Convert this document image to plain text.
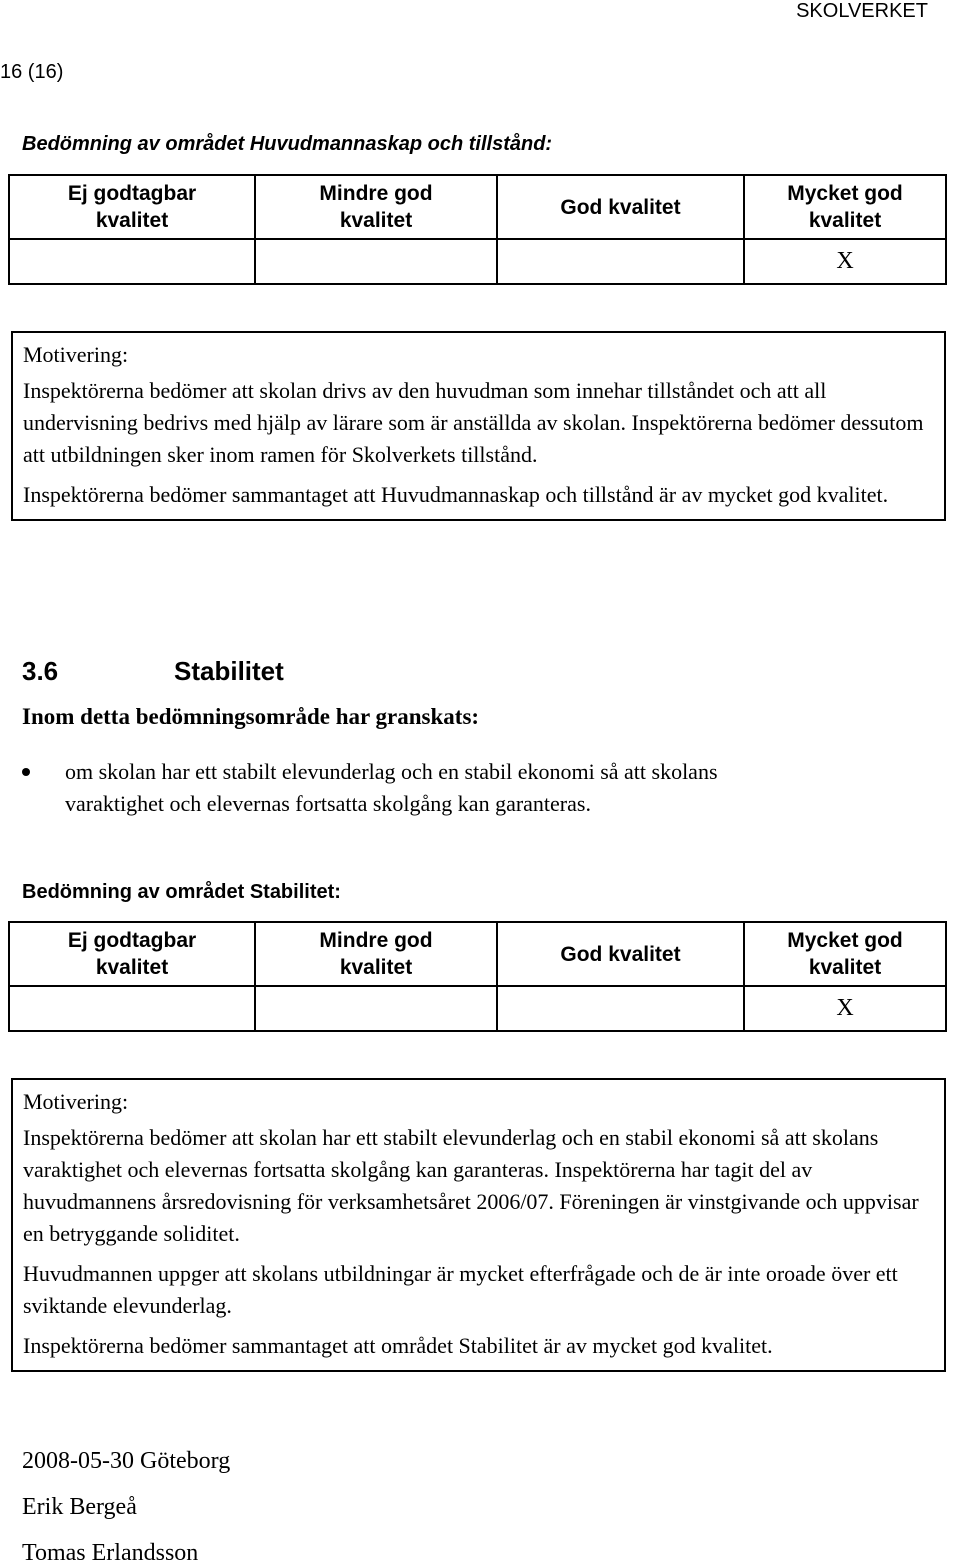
SKOLVERKET
16 (16)
Bedömning av området Huvudmannaskap och tillstånd:
Ej godtagbar
kvalitet	Mindre god
kvalitet	God kvalitet	Mycket god
kvalitet
			X
Motivering:

Inspektörerna bedömer att skolan drivs av den huvudman som innehar tillståndet och att all undervisning bedrivs med hjälp av lärare som är anställda av skolan. Inspektörerna bedömer dessutom att utbildningen sker inom ramen för Skolverkets tillstånd.

Inspektörerna bedömer sammantaget att Huvudmannaskap och tillstånd är av mycket god kvalitet.

3.6	Stabilitet
Inom detta bedömningsområde har granskats:
om skolan har ett stabilt elevunderlag och en stabil ekonomi så att skolans varaktighet och elevernas fortsatta skolgång kan garanteras.
Bedömning av området Stabilitet:
Ej godtagbar
kvalitet	Mindre god
kvalitet	God kvalitet	Mycket god
kvalitet
			X
Motivering:

Inspektörerna bedömer att skolan har ett stabilt elevunderlag och en stabil ekonomi så att skolans varaktighet och elevernas fortsatta skolgång kan garanteras. Inspektörerna har tagit del av huvudmannens årsredovisning för verksamhetsåret 2006/07. Föreningen är vinstgivande och uppvisar en betryggande soliditet.

Huvudmannen uppger att skolans utbildningar är mycket efterfrågade och de är inte oroade över ett sviktande elevunderlag.

Inspektörerna bedömer sammantaget att området Stabilitet är av mycket god kvalitet.

2008-05-30 Göteborg
Erik Bergeå
Tomas Erlandsson
